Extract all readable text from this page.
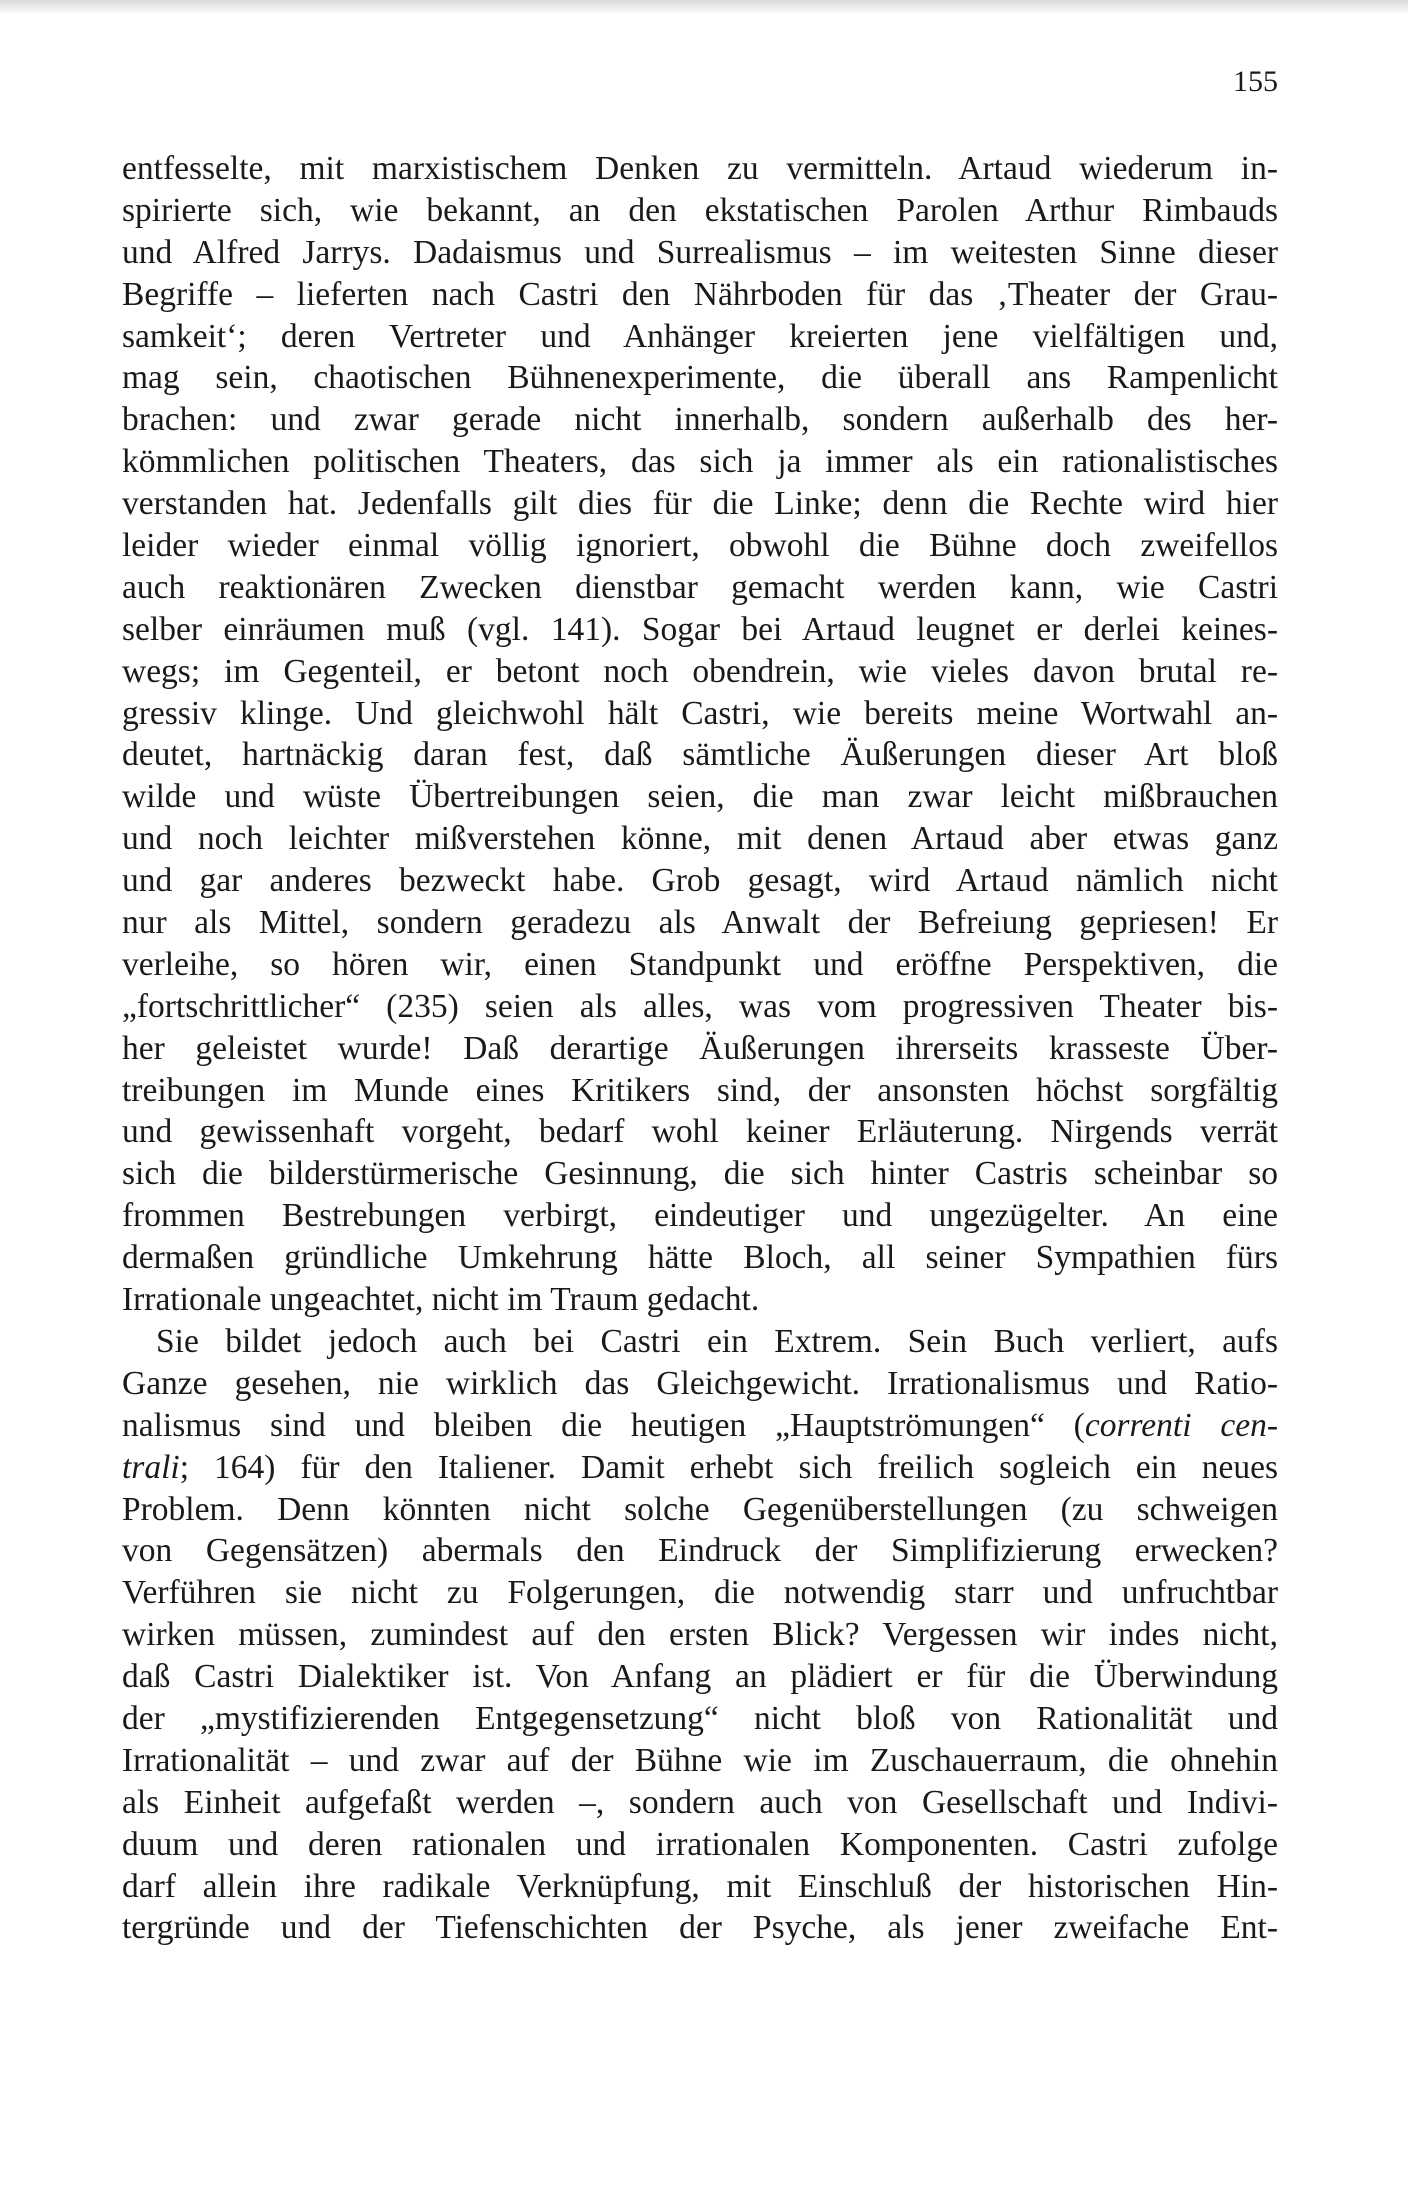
155
entfesselte, mit marxistischem Denken zu vermitteln. Artaud wiederum in-
spirierte sich, wie bekannt, an den ekstatischen Parolen Arthur Rimbauds
und Alfred Jarrys. Dadaismus und Surrealismus – im weitesten Sinne dieser
Begriffe – lieferten nach Castri den Nährboden für das ‚Theater der Grau-
samkeit‘; deren Vertreter und Anhänger kreierten jene vielfältigen und,
mag sein, chaotischen Bühnenexperimente, die überall ans Rampenlicht
brachen: und zwar gerade nicht innerhalb, sondern außerhalb des her-
kömmlichen politischen Theaters, das sich ja immer als ein rationalistisches
verstanden hat. Jedenfalls gilt dies für die Linke; denn die Rechte wird hier
leider wieder einmal völlig ignoriert, obwohl die Bühne doch zweifellos
auch reaktionären Zwecken dienstbar gemacht werden kann, wie Castri
selber einräumen muß (vgl. 141). Sogar bei Artaud leugnet er derlei keines-
wegs; im Gegenteil, er betont noch obendrein, wie vieles davon brutal re-
gressiv klinge. Und gleichwohl hält Castri, wie bereits meine Wortwahl an-
deutet, hartnäckig daran fest, daß sämtliche Äußerungen dieser Art bloß
wilde und wüste Übertreibungen seien, die man zwar leicht mißbrauchen
und noch leichter mißverstehen könne, mit denen Artaud aber etwas ganz
und gar anderes bezweckt habe. Grob gesagt, wird Artaud nämlich nicht
nur als Mittel, sondern geradezu als Anwalt der Befreiung gepriesen! Er
verleihe, so hören wir, einen Standpunkt und eröffne Perspektiven, die
„fortschrittlicher“ (235) seien als alles, was vom progressiven Theater bis-
her geleistet wurde! Daß derartige Äußerungen ihrerseits krasseste Über-
treibungen im Munde eines Kritikers sind, der ansonsten höchst sorgfältig
und gewissenhaft vorgeht, bedarf wohl keiner Erläuterung. Nirgends verrät
sich die bilderstürmerische Gesinnung, die sich hinter Castris scheinbar so
frommen Bestrebungen verbirgt, eindeutiger und ungezügelter. An eine
dermaßen gründliche Umkehrung hätte Bloch, all seiner Sympathien fürs
Irrationale ungeachtet, nicht im Traum gedacht.
Sie bildet jedoch auch bei Castri ein Extrem. Sein Buch verliert, aufs
Ganze gesehen, nie wirklich das Gleichgewicht. Irrationalismus und Ratio-
nalismus sind und bleiben die heutigen „Hauptströmungen“ (correnti cen-
trali; 164) für den Italiener. Damit erhebt sich freilich sogleich ein neues
Problem. Denn könnten nicht solche Gegenüberstellungen (zu schweigen
von Gegensätzen) abermals den Eindruck der Simplifizierung erwecken?
Verführen sie nicht zu Folgerungen, die notwendig starr und unfruchtbar
wirken müssen, zumindest auf den ersten Blick? Vergessen wir indes nicht,
daß Castri Dialektiker ist. Von Anfang an plädiert er für die Überwindung
der „mystifizierenden Entgegensetzung“ nicht bloß von Rationalität und
Irrationalität – und zwar auf der Bühne wie im Zuschauerraum, die ohnehin
als Einheit aufgefaßt werden –, sondern auch von Gesellschaft und Indivi-
duum und deren rationalen und irrationalen Komponenten. Castri zufolge
darf allein ihre radikale Verknüpfung, mit Einschluß der historischen Hin-
tergründe und der Tiefenschichten der Psyche, als jener zweifache Ent-
